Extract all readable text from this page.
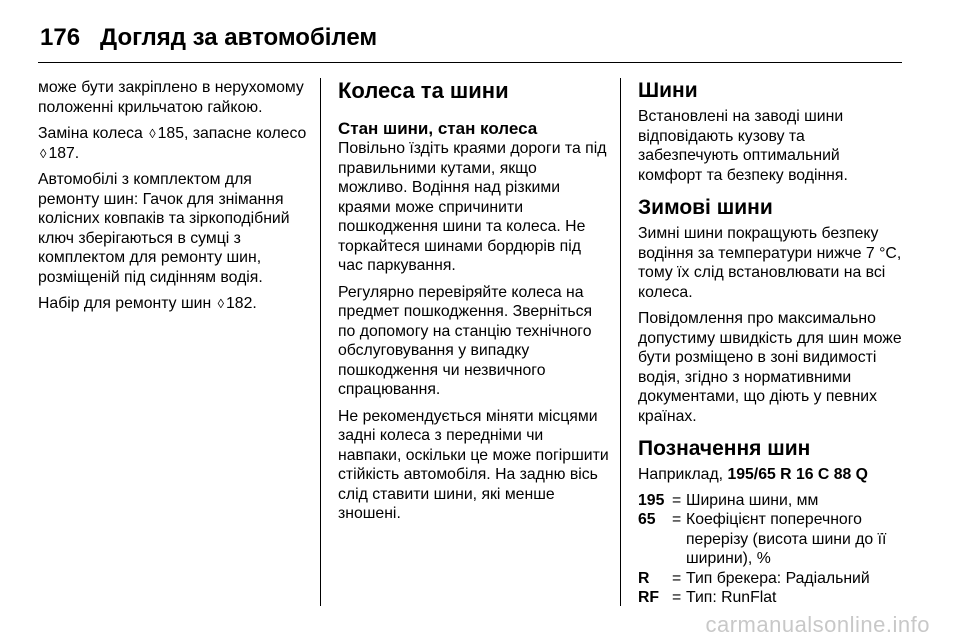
176 Догляд за автомобілем

може бути закріплено в нерухомому положенні крильчатою гайкою.

Заміна колеса ◊ 185, запасне колесо ◊ 187.

Автомобілі з комплектом для ремонту шин: Гачок для знімання колісних ковпаків та зіркоподібний ключ зберігаються в сумці з комплектом для ремонту шин, розміщеній під сидінням водія.

Набір для ремонту шин ◊ 182.

Колеса та шини
Стан шини, стан колеса

Повільно їздіть краями дороги та під правильними кутами, якщо можливо. Водіння над різкими краями може спричинити пошкодження шини та колеса. Не торкайтеся шинами бордюрів під час паркування.

Регулярно перевіряйте колеса на предмет пошкодження. Зверніться по допомогу на станцію технічного обслуговування у випадку пошкодження чи незвичного спрацювання.

Не рекомендується міняти місцями задні колеса з передніми чи навпаки, оскільки це може погіршити стійкість автомобіля. На задню вісь слід ставити шини, які менше зношені.

Шини

Встановлені на заводі шини відповідають кузову та забезпечують оптимальний комфорт та безпеку водіння.

Зимові шини

Зимні шини покращують безпеку водіння за температури нижче 7 °C, тому їх слід встановлювати на всі колеса.

Повідомлення про максимально допустиму швидкість для шин може бути розміщено в зоні видимості водія, згідно з нормативними документами, що діють у певних країнах.

Позначення шин
Наприклад, 195/65 R 16 C 88 Q
195 = Ширина шини, мм
65	= Коефіцієнт поперечного перерізу (висота шини до її ширини), %
R	= Тип брекера: Радіальний
RF = Тип: RunFlat
carmanualsonline.info
